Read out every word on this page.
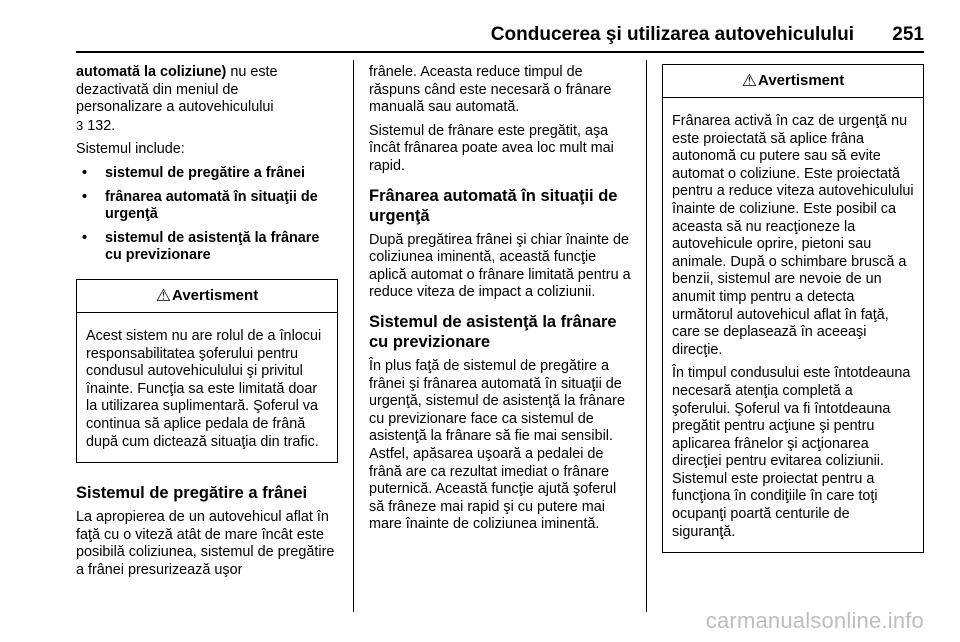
Conducerea şi utilizarea autovehiculului 251

automată la coliziune) nu este
dezactivată din meniul de
personalizare a autovehiculului
3 132.

Sistemul include:

• sistemul de pregătire a frânei
• frânarea automată în situaţii de urgenţă
• sistemul de asistenţă la frânare cu previzionare
⚠ Avertisment

Acest sistem nu are rolul de a înlocui responsabilitatea şoferului pentru condusul autovehiculului şi privitul înainte. Funcţia sa este limitată doar la utilizarea suplimentară. Şoferul va continua să aplice pedala de frână după cum dictează situaţia din trafic.

Sistemul de pregătire a frânei

La apropierea de un autovehicul aflat în faţă cu o viteză atât de mare încât este posibilă coliziunea, sistemul de pregătire a frânei presurizează uşor

frânele. Aceasta reduce timpul de răspuns când este necesară o frânare manuală sau automată.

Sistemul de frânare este pregătit, aşa încât frânarea poate avea loc mult mai rapid.

Frânarea automată în situaţii de urgenţă

După pregătirea frânei şi chiar înainte de coliziunea iminentă, această funcţie aplică automat o frânare limitată pentru a reduce viteza de impact a coliziunii.

Sistemul de asistenţă la frânare cu previzionare

În plus faţă de sistemul de pregătire a frânei şi frânarea automată în situaţii de urgenţă, sistemul de asistenţă la frânare cu previzionare face ca sistemul de asistenţă la frânare să fie mai sensibil. Astfel, apăsarea uşoară a pedalei de frână are ca rezultat imediat o frânare puternică. Această funcţie ajută şoferul să frâneze mai rapid şi cu putere mai mare înainte de coliziunea iminentă.

⚠ Avertisment

Frânarea activă în caz de urgenţă nu este proiectată să aplice frâna autonomă cu putere sau să evite automat o coliziune. Este proiectată pentru a reduce viteza autovehiculului înainte de coliziune. Este posibil ca aceasta să nu reacţioneze la autovehicule oprire, pietoni sau animale. După o schimbare bruscă a benzii, sistemul are nevoie de un anumit timp pentru a detecta următorul autovehicul aflat în faţă, care se deplasează în aceeaşi direcţie.

În timpul condusului este întotdeauna necesară atenţia completă a şoferului. Şoferul va fi întotdeauna pregătit pentru acţiune şi pentru aplicarea frânelor şi acţionarea direcţiei pentru evitarea coliziunii. Sistemul este proiectat pentru a funcţiona în condiţiile în care toţi ocupanţi poartă centurile de siguranţă.

carmanualsonline.info
